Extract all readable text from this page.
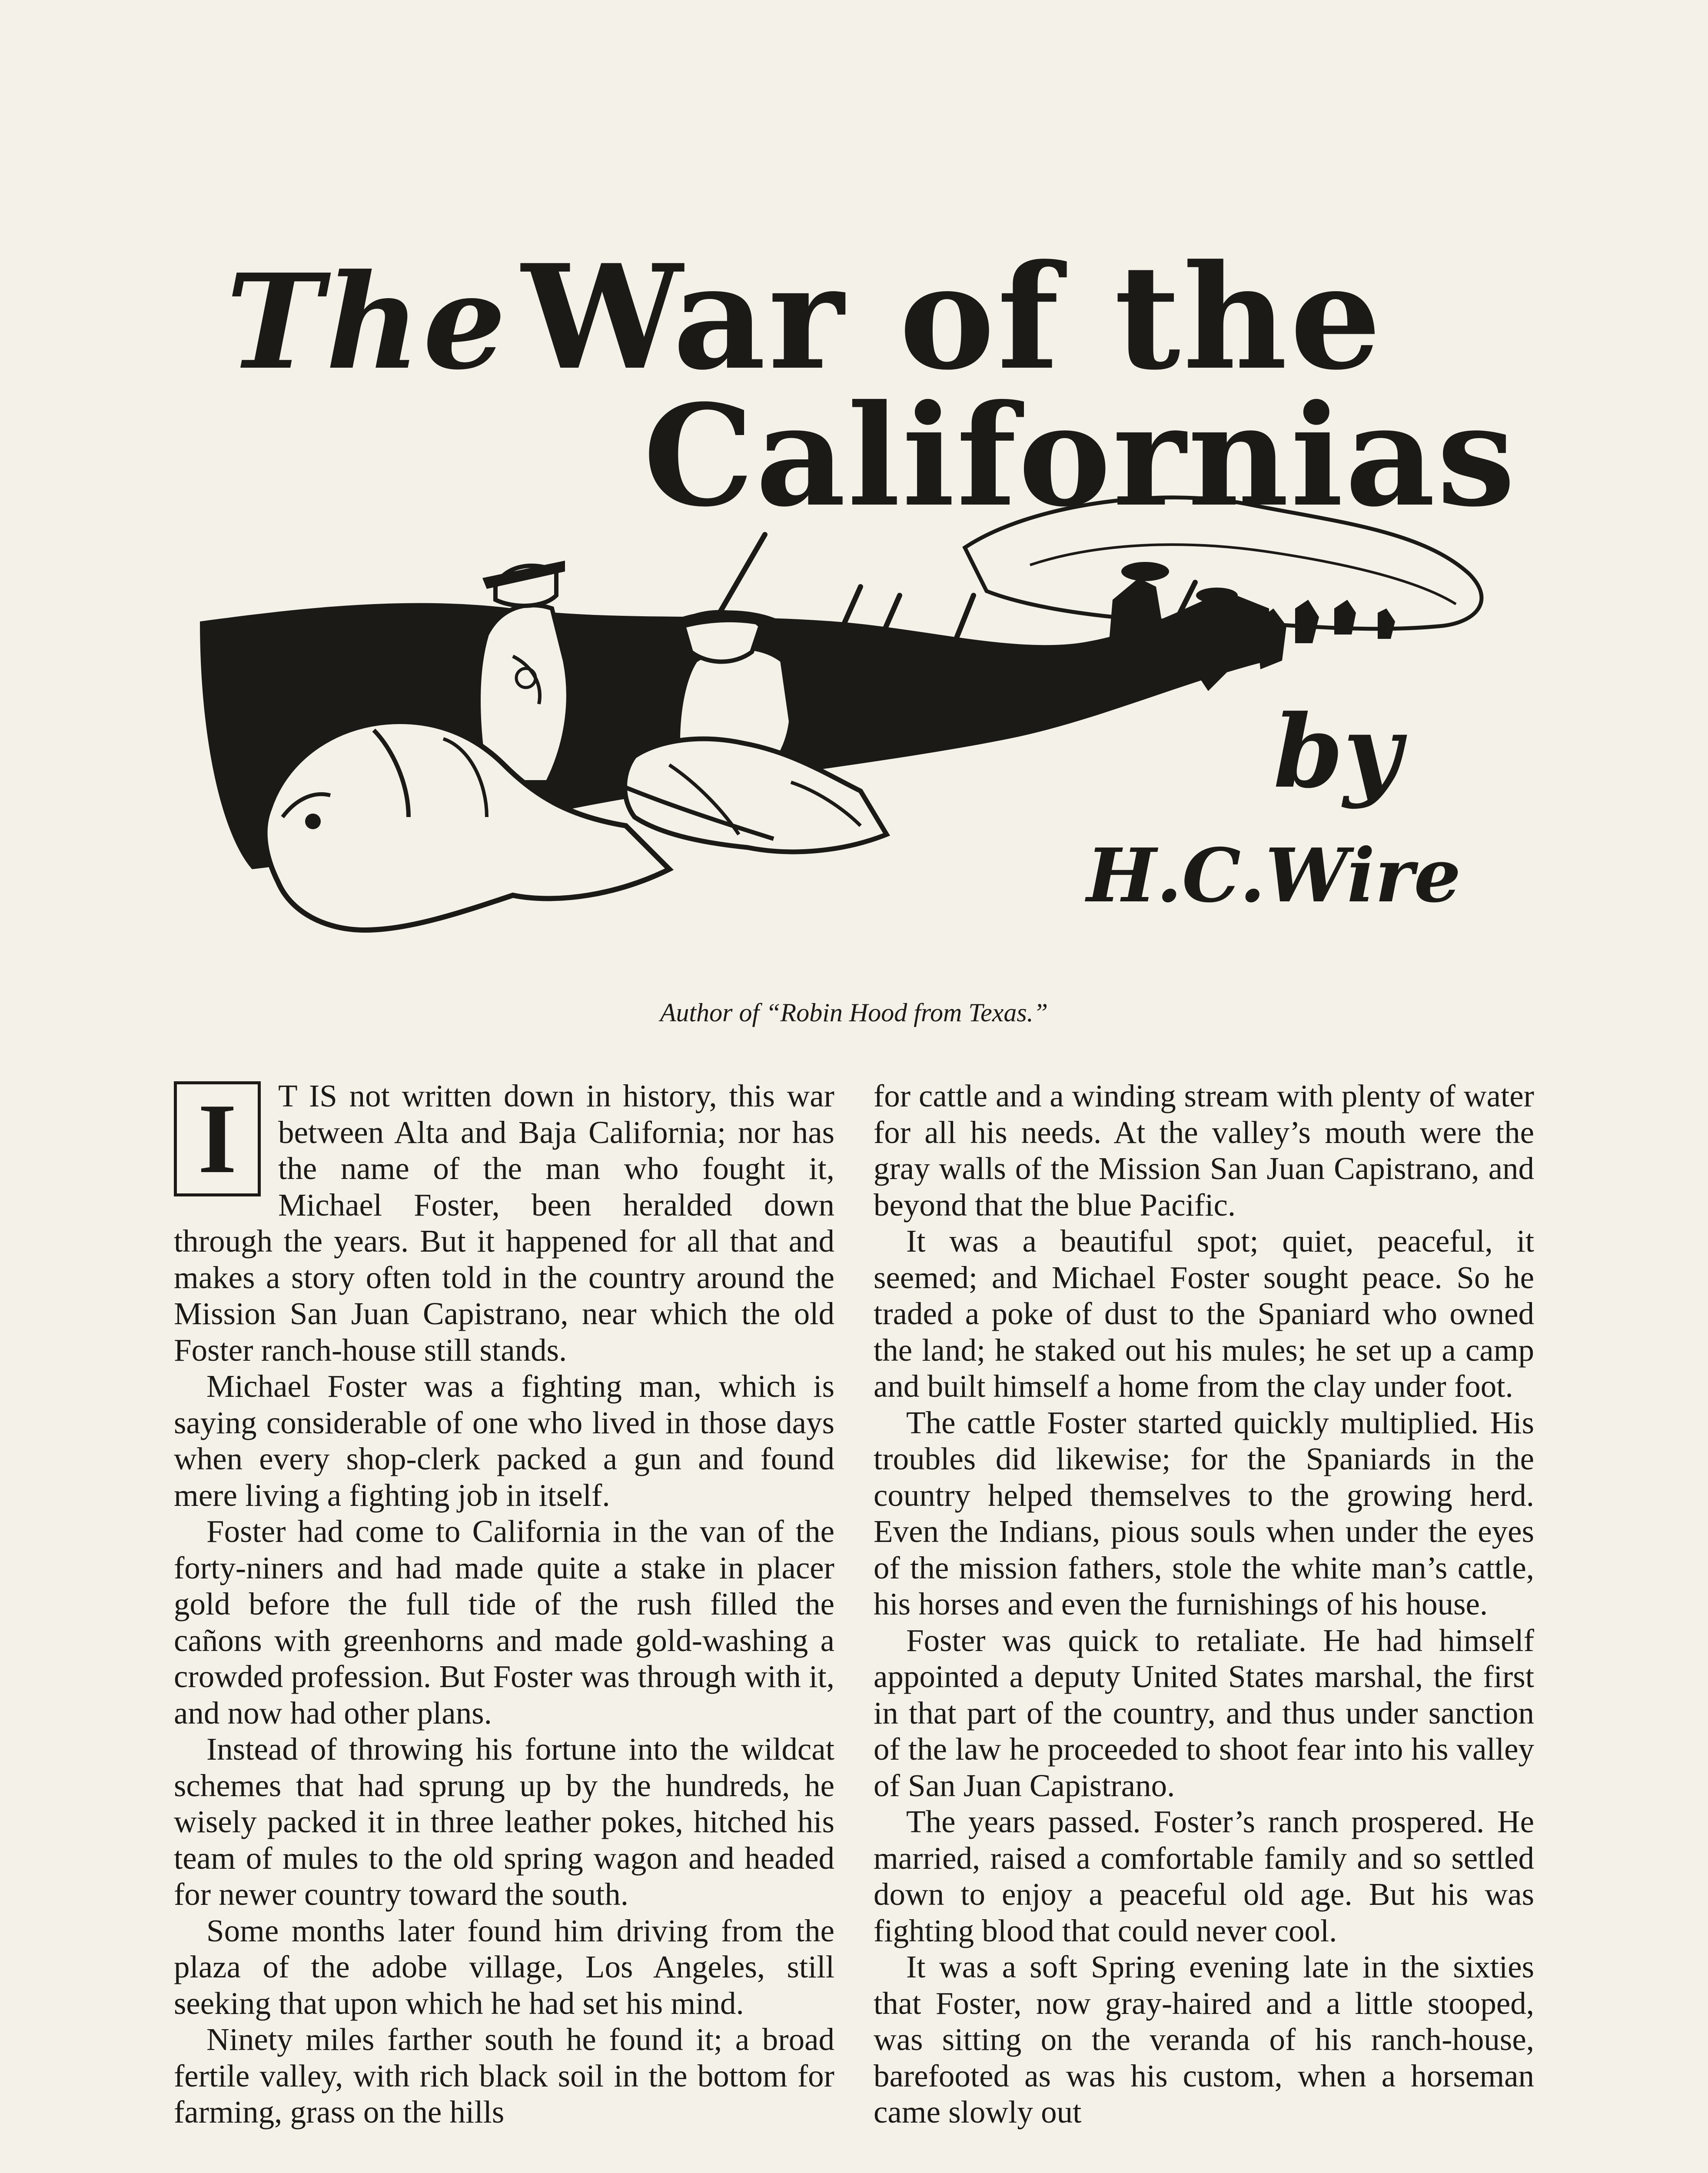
TheWar of the
Californias
by
H.C.Wire
Author of “Robin Hood from Texas.”
I	T IS not written down in history, this war between Alta and Baja California; nor has the name of the man who fought it, Michael Foster, been heralded down through the years. But it happened for all that and makes a story often told in the country around the Mission San Juan Capistrano, near which the old Foster ranch-house still stands.

Michael Foster was a fighting man, which is saying considerable of one who lived in those days when every shop-clerk packed a gun and found mere living a fighting job in itself.

Foster had come to California in the van of the forty-niners and had made quite a stake in placer gold before the full tide of the rush filled the cañons with greenhorns and made gold-washing a crowded profession. But Foster was through with it, and now had other plans.

Instead of throwing his fortune into the wildcat schemes that had sprung up by the hundreds, he wisely packed it in three leather pokes, hitched his team of mules to the old spring wagon and headed for newer country toward the south.

Some months later found him driving from the plaza of the adobe village, Los Angeles, still seeking that upon which he had set his mind.

Ninety miles farther south he found it; a broad fertile valley, with rich black soil in the bottom for farming, grass on the hills

for cattle and a winding stream with plenty of water for all his needs. At the valley’s mouth were the gray walls of the Mission San Juan Capistrano, and beyond that the blue Pacific.

It was a beautiful spot; quiet, peaceful, it seemed; and Michael Foster sought peace. So he traded a poke of dust to the Spaniard who owned the land; he staked out his mules; he set up a camp and built himself a home from the clay under foot.

The cattle Foster started quickly multiplied. His troubles did likewise; for the Spaniards in the country helped themselves to the growing herd. Even the Indians, pious souls when under the eyes of the mission fathers, stole the white man’s cattle, his horses and even the furnishings of his house.

Foster was quick to retaliate. He had himself appointed a deputy United States marshal, the first in that part of the country, and thus under sanction of the law he proceeded to shoot fear into his valley of San Juan Capistrano.

The years passed. Foster’s ranch prospered. He married, raised a comfortable family and so settled down to enjoy a peaceful old age. But his was fighting blood that could never cool.

It was a soft Spring evening late in the sixties that Foster, now gray-haired and a little stooped, was sitting on the veranda of his ranch-house, barefooted as was his custom, when a horseman came slowly out
